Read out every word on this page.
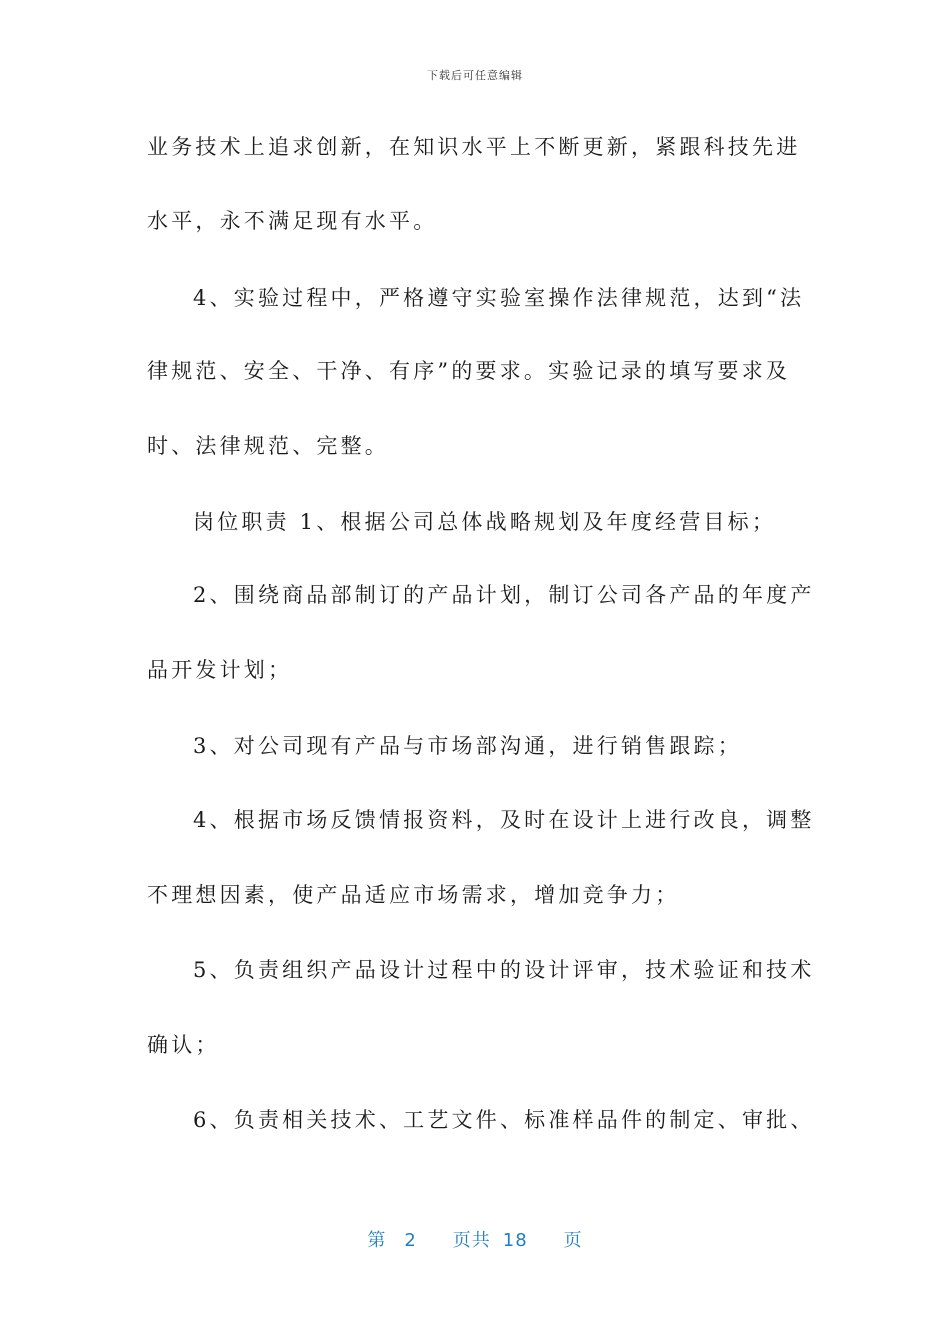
下载后可任意编辑
业务技术上追求创新，在知识水平上不断更新，紧跟科技先进
水平，永不满足现有水平。
4、实验过程中，严格遵守实验室操作法律规范，达到“法
律规范、安全、干净、有序”的要求。实验记录的填写要求及
时、法律规范、完整。
岗位职责 1、根据公司总体战略规划及年度经营目标；
2、围绕商品部制订的产品计划，制订公司各产品的年度产
品开发计划；
3、对公司现有产品与市场部沟通，进行销售跟踪；
4、根据市场反馈情报资料，及时在设计上进行改良，调整
不理想因素，使产品适应市场需求，增加竞争力；
5、负责组织产品设计过程中的设计评审，技术验证和技术
确认；
6、负责相关技术、工艺文件、标准样品件的制定、审批、
第 2 页共 18 页
